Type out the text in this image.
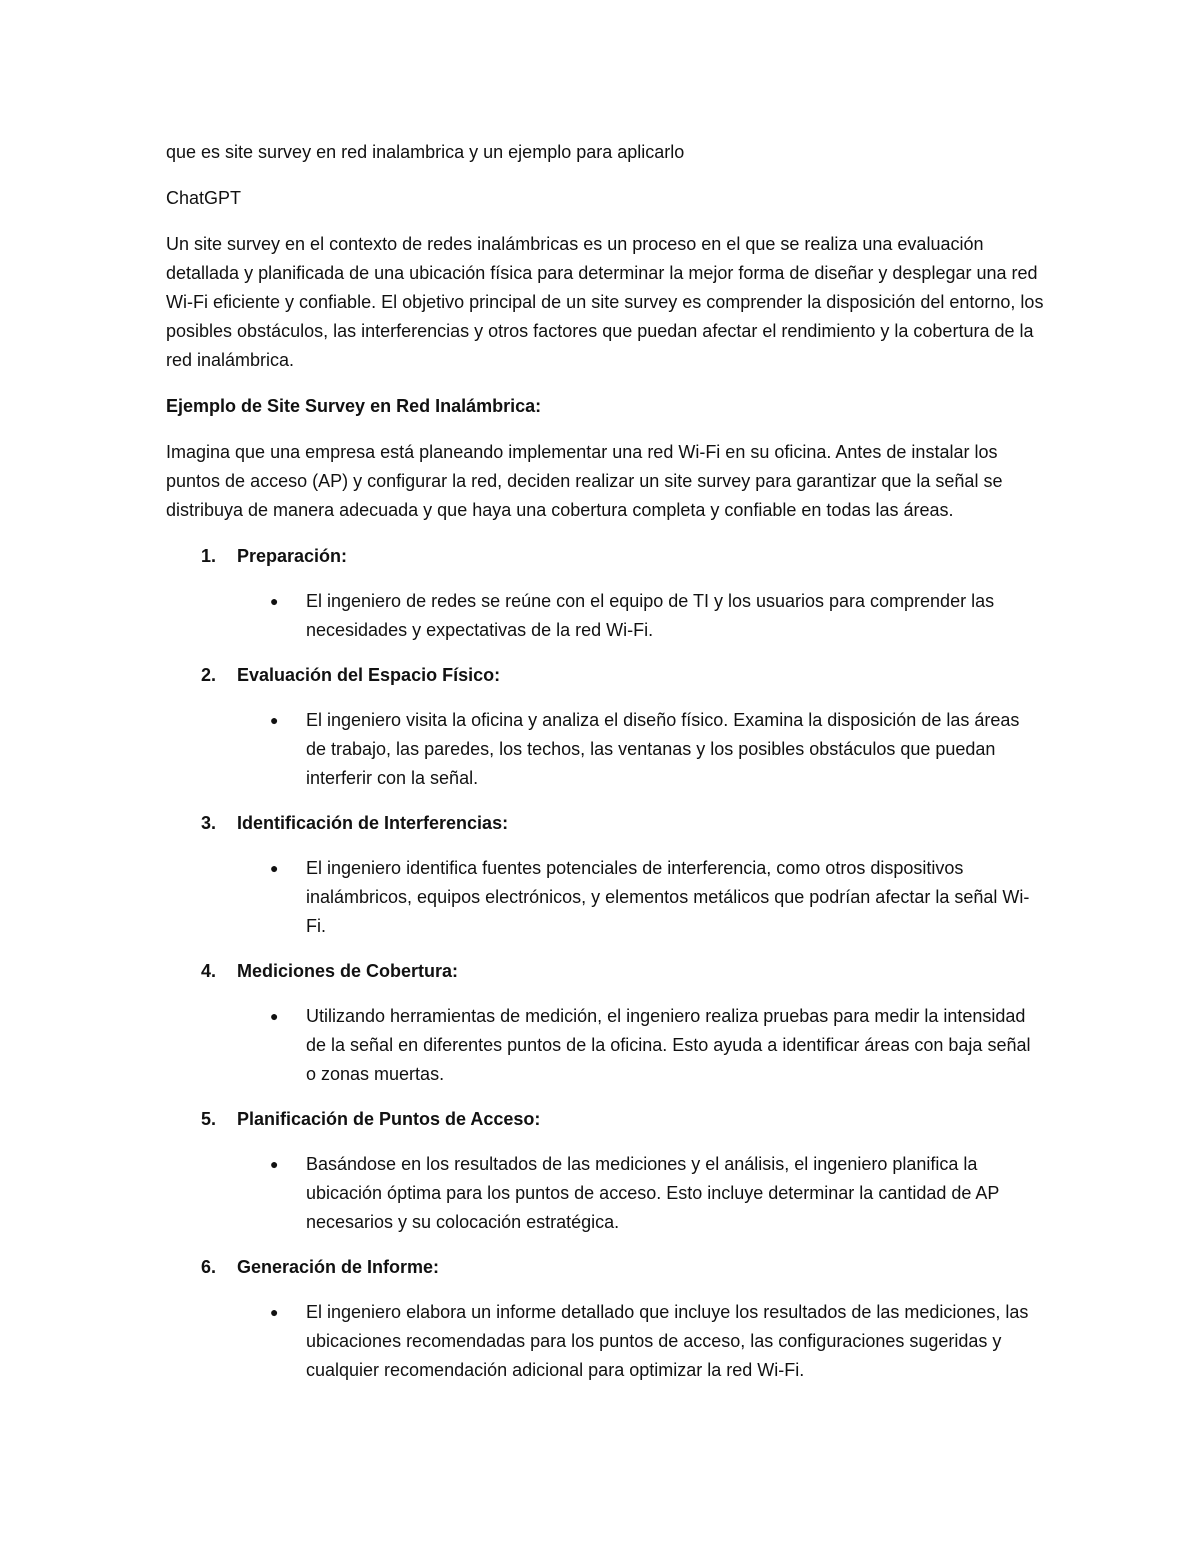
que es site survey en red inalambrica y un ejemplo para aplicarlo

ChatGPT

Un site survey en el contexto de redes inalámbricas es un proceso en el que se realiza una evaluación detallada y planificada de una ubicación física para determinar la mejor forma de diseñar y desplegar una red Wi-Fi eficiente y confiable. El objetivo principal de un site survey es comprender la disposición del entorno, los posibles obstáculos, las interferencias y otros factores que puedan afectar el rendimiento y la cobertura de la red inalámbrica.

Ejemplo de Site Survey en Red Inalámbrica:

Imagina que una empresa está planeando implementar una red Wi-Fi en su oficina. Antes de instalar los puntos de acceso (AP) y configurar la red, deciden realizar un site survey para garantizar que la señal se distribuya de manera adecuada y que haya una cobertura completa y confiable en todas las áreas.

1.	Preparación:
●	El ingeniero de redes se reúne con el equipo de TI y los usuarios para comprender las necesidades y expectativas de la red Wi-Fi.
2.	Evaluación del Espacio Físico:
●	El ingeniero visita la oficina y analiza el diseño físico. Examina la disposición de las áreas de trabajo, las paredes, los techos, las ventanas y los posibles obstáculos que puedan interferir con la señal.
3.	Identificación de Interferencias:
●	El ingeniero identifica fuentes potenciales de interferencia, como otros dispositivos inalámbricos, equipos electrónicos, y elementos metálicos que podrían afectar la señal Wi-Fi.
4.	Mediciones de Cobertura:
●	Utilizando herramientas de medición, el ingeniero realiza pruebas para medir la intensidad de la señal en diferentes puntos de la oficina. Esto ayuda a identificar áreas con baja señal o zonas muertas.
5.	Planificación de Puntos de Acceso:
●	Basándose en los resultados de las mediciones y el análisis, el ingeniero planifica la ubicación óptima para los puntos de acceso. Esto incluye determinar la cantidad de AP necesarios y su colocación estratégica.
6.	Generación de Informe:
●	El ingeniero elabora un informe detallado que incluye los resultados de las mediciones, las ubicaciones recomendadas para los puntos de acceso, las configuraciones sugeridas y cualquier recomendación adicional para optimizar la red Wi-Fi.
